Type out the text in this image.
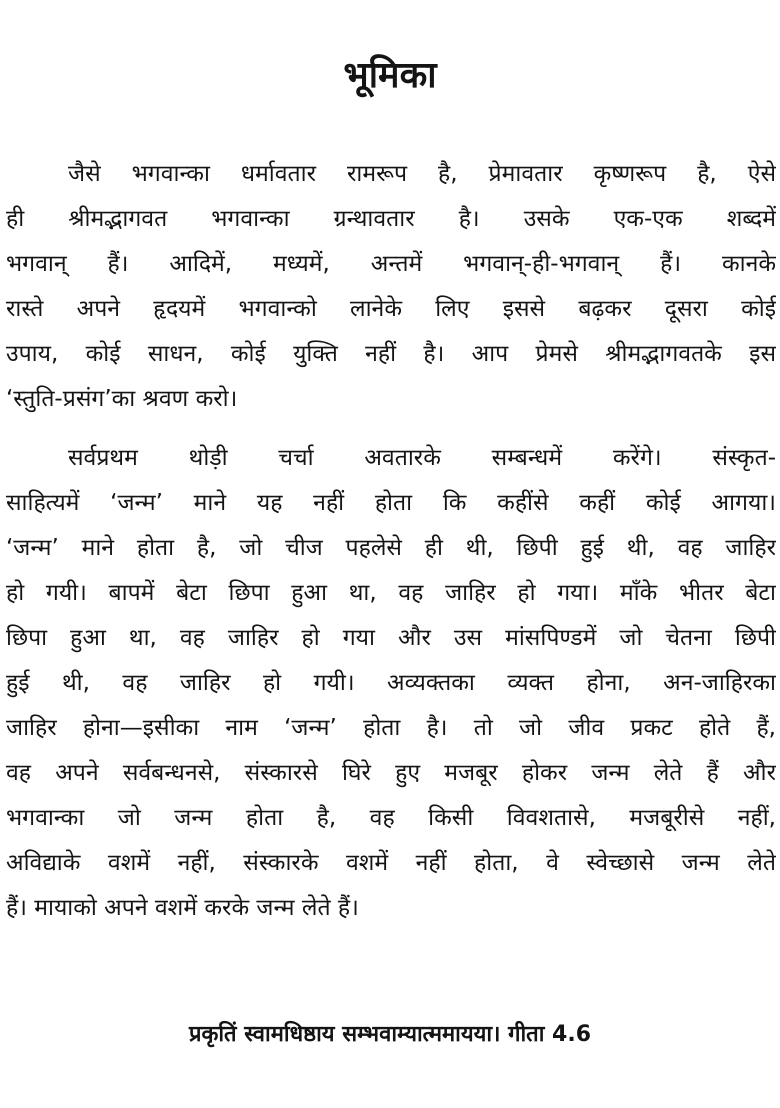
भूमिका
जैसे भगवान्का धर्मावतार रामरूप है, प्रेमावतार कृष्णरूप है, ऐसे
ही श्रीमद्भागवत भगवान्का ग्रन्थावतार है। उसके एक-एक शब्दमें
भगवान् हैं। आदिमें, मध्यमें, अन्तमें भगवान्-ही-भगवान् हैं। कानके
रास्ते अपने हृदयमें भगवान्को लानेके लिए इससे बढ़कर दूसरा कोई
उपाय, कोई साधन, कोई युक्ति नहीं है। आप प्रेमसे श्रीमद्भागवतके इस
‘स्तुति-प्रसंग’का श्रवण करो।
सर्वप्रथम थोड़ी चर्चा अवतारके सम्बन्धमें करेंगे। संस्कृत-
साहित्यमें ‘जन्म’ माने यह नहीं होता कि कहींसे कहीं कोई आगया।
‘जन्म’ माने होता है, जो चीज पहलेसे ही थी, छिपी हुई थी, वह जाहिर
हो गयी। बापमें बेटा छिपा हुआ था, वह जाहिर हो गया। माँके भीतर बेटा
छिपा हुआ था, वह जाहिर हो गया और उस मांसपिण्डमें जो चेतना छिपी
हुई थी, वह जाहिर हो गयी। अव्यक्तका व्यक्त होना, अन-जाहिरका
जाहिर होना—इसीका नाम ‘जन्म’ होता है। तो जो जीव प्रकट होते हैं,
वह अपने सर्वबन्धनसे, संस्कारसे घिरे हुए मजबूर होकर जन्म लेते हैं और
भगवान्का जो जन्म होता है, वह किसी विवशतासे, मजबूरीसे नहीं,
अविद्याके वशमें नहीं, संस्कारके वशमें नहीं होता, वे स्वेच्छासे जन्म लेते
हैं। मायाको अपने वशमें करके जन्म लेते हैं।
प्रकृतिं स्वामधिष्ठाय सम्भवाम्यात्ममायया। गीता 4.6
